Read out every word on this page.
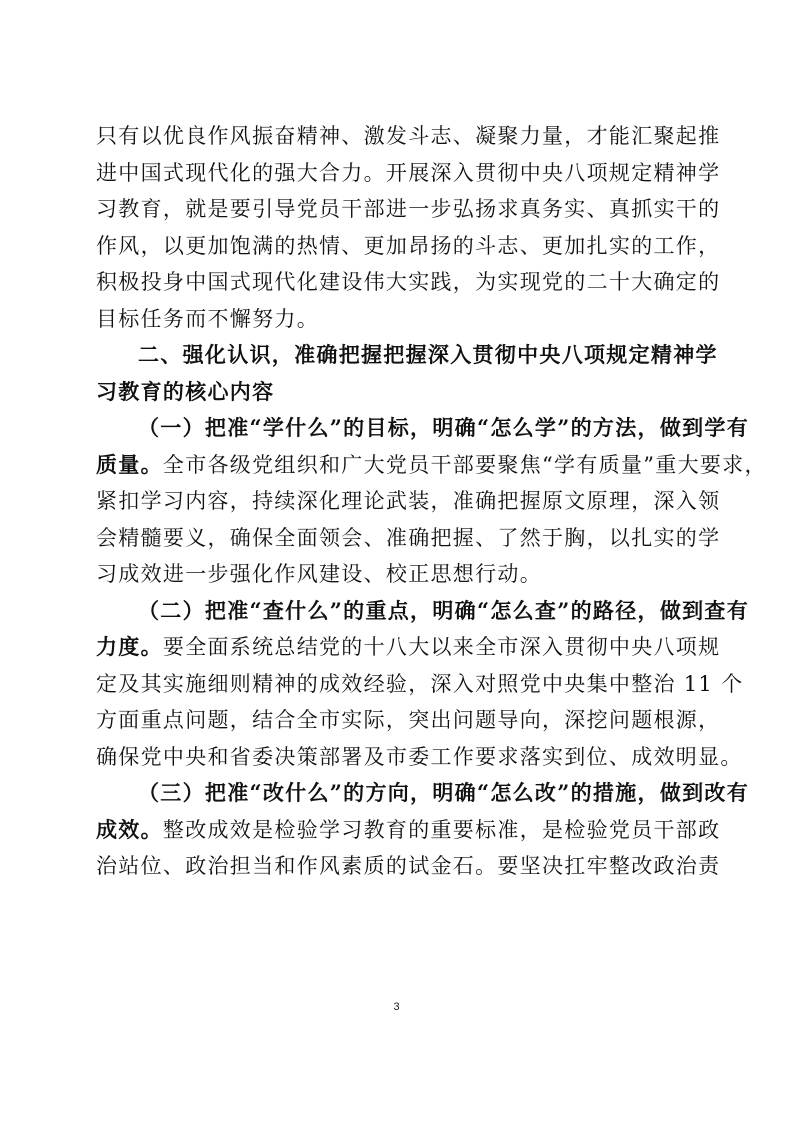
只有以优良作风振奋精神、激发斗志、凝聚力量，才能汇聚起推
进中国式现代化的强大合力。开展深入贯彻中央八项规定精神学
习教育，就是要引导党员干部进一步弘扬求真务实、真抓实干的
作风，以更加饱满的热情、更加昂扬的斗志、更加扎实的工作，
积极投身中国式现代化建设伟大实践，为实现党的二十大确定的
目标任务而不懈努力。
二、强化认识，准确把握把握深入贯彻中央八项规定精神学
习教育的核心内容
（一）把准“学什么”的目标，明确“怎么学”的方法，做到学有
质量。全市各级党组织和广大党员干部要聚焦“学有质量”重大要求，
紧扣学习内容，持续深化理论武装，准确把握原文原理，深入领
会精髓要义，确保全面领会、准确把握、了然于胸，以扎实的学
习成效进一步强化作风建设、校正思想行动。
（二）把准“查什么”的重点，明确“怎么查”的路径，做到查有
力度。要全面系统总结党的十八大以来全市深入贯彻中央八项规
定及其实施细则精神的成效经验，深入对照党中央集中整治 11 个
方面重点问题，结合全市实际，突出问题导向，深挖问题根源，
确保党中央和省委决策部署及市委工作要求落实到位、成效明显。
（三）把准“改什么”的方向，明确“怎么改”的措施，做到改有
成效。整改成效是检验学习教育的重要标准，是检验党员干部政
治站位、政治担当和作风素质的试金石。要坚决扛牢整改政治责
3
